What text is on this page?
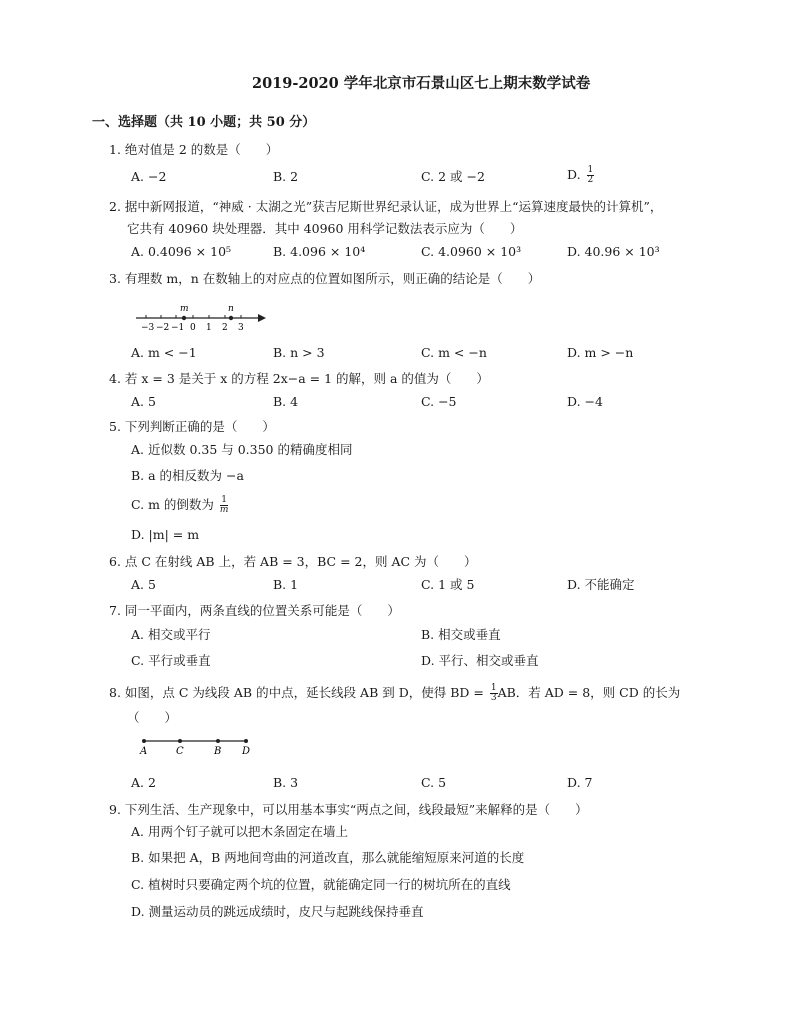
2019-2020 学年北京市石景山区七上期末数学试卷
一、选择题（共 10 小题；共 50 分）
1. 绝对值是 2 的数是（　　）
A. −2	B. 2	C. 2 或 −2	D. $\frac{1}{2}$
2. 据中新网报道，“神威 · 太湖之光”获吉尼斯世界纪录认证，成为世界上“运算速度最快的计算机”，
它共有 40960 块处理器．其中 40960 用科学记数法表示应为（　　）
A. 0.4096 × 10⁵	B. 4.096 × 10⁴	C. 4.0960 × 10³	D. 40.96 × 10³
3. 有理数 m，n 在数轴上的对应点的位置如图所示，则正确的结论是（　　）
m	n
−3 −2 −1 0 1 2 3
A. m < −1	B. n > 3	C. m < −n	D. m > −n
4. 若 x = 3 是关于 x 的方程 2x−a = 1 的解，则 a 的值为（　　）
A. 5	B. 4	C. −5	D. −4
5. 下列判断正确的是（　　）
A. 近似数 0.35 与 0.350 的精确度相同
B. a 的相反数为 −a
C. m 的倒数为 $\frac{1}{m}$
D. |m| = m
6. 点 C 在射线 AB 上，若 AB = 3，BC = 2，则 AC 为（　　）
A. 5	B. 1	C. 1 或 5	D. 不能确定
7. 同一平面内，两条直线的位置关系可能是（　　）
A. 相交或平行	B. 相交或垂直
C. 平行或垂直	D. 平行、相交或垂直
8. 如图，点 C 为线段 AB 的中点，延长线段 AB 到 D，使得 BD = $\frac{1}{3}$ AB．若 AD = 8，则 CD 的长为
（　　）
A	C	B D
A. 2	B. 3	C. 5	D. 7
9. 下列生活、生产现象中，可以用基本事实“两点之间，线段最短”来解释的是（　　）
A. 用两个钉子就可以把木条固定在墙上
B. 如果把 A，B 两地间弯曲的河道改直，那么就能缩短原来河道的长度
C. 植树时只要确定两个坑的位置，就能确定同一行的树坑所在的直线
D. 测量运动员的跳远成绩时，皮尺与起跳线保持垂直
